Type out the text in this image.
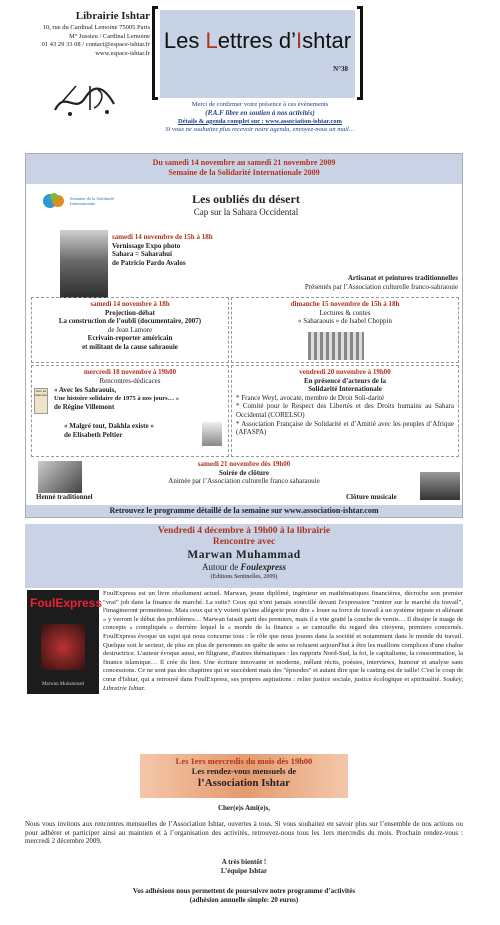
Librairie Ishtar
10, rue du Cardinal Lemoine 75005 Paris
M° Jussieu / Cardinal Lemoine
01 43 29 33 08 / contact@espace-ishtar.fr
www.espace-ishtar.fr Les Lettres d’Ishtar
N°38
Merci de confirmer votre présence à ces évènements
(P.A.F libre en soutien à nos activités)
Détails & agenda complet sur : www.association-ishtar.com
Si vous ne souhaitez plus recevoir notre agenda, envoyez-nous un mail…
Du samedi 14 novembre au samedi 21 novembre 2009
Semaine de la Solidarité Internationale 2009
Semaine de la Solidarité Internationale	Les oubliés du désert
Cap sur la Sahara Occidental
samedi 14 novembre de 15h à 18h
Vernissage Expo photo
Sahara = Saharahui
de Patricio Pardo Avalos
Artisanat et peintures traditionnelles
Présentés par l’Association culturelle franco-sahraouie
samedi 14 novembre à 18h
Projection-débat
La construction de l’oubli (documentaire, 2007)
de Jean Lamore
Ecrivain-reporter américain
et militant de la cause sahraouie
dimanche 15 novembre de 15h à 18h
Lectures & contes
« Saharaouis » de Isabel Choppin
mercredi 18 novembre à 19h00
Rencontres-dédicaces
« Avec les Sahraouis,
Une histoire solidaire de 1975 à nos jours… »
de Régine Villemont
« Malgré tout, Dakhla existe »
de Elisabeth Peltier
Avec les Sahraouis
vendredi 20 novembre à 19h00
En présence d’acteurs de la
Solidarité Internationale
* France Weyl, avocate, membre de Droit Soli-darité
* Comité pour le Respect des Libertés et des Droits humains au Sahara Occidental (CORELSO)
* Association Française de Solidarité et d’Amitié avec les peuples d’Afrique (AFASPA)
samedi 21 novembre dès 19h00
Soirée de clôture
Animée par l’Association culturelle franco saharaouie
Henné traditionnel	Clôture musicale
Retrouvez le programme détaillé de la semaine sur www.association-ishtar.com
Vendredi 4 décembre à 19h00 à la librairie
Rencontre avec
Marwan Muhammad
Autour de Foulexpress
(Editions Sentinelles, 2009)
FoulExpress
Marwan Muhammad
FoulExpress est un livre résolument actuel. Marwan, jeune diplômé, ingénieur en mathématiques financières, décroche son premier "vrai" job dans la finance de marché. La suite? Ceux qui n'ont jamais sourcillé devant l'expression "rentrer sur le marché du travail", l'imagineront prometteuse. Mais ceux qui n'y voient qu'une allégorie pour dire « louer sa force de travail à un système injuste et aliénant » y verront le début des problèmes… Marwan faisait parti des premiers, mais il a vite gratté la couche de vernis… Il dissipe le nuage de concepts « compliqués » derrière lequel le « monde de la finance » se camoufle du regard des citoyens, premiers concernés. FoulExpress évoque un sujet qui nous concerne tous : le rôle que nous jouons dans la société et notamment dans le monde du travail. Quelque soit le secteur, de plus en plus de personnes en quête de sens se refusent aujourd'hui à être les maillons complices d'une chaîne destructrice. L'auteur évoque aussi, en filigrane, d'autres thématiques : les rapports Nord-Sud, la foi, le capitalisme, la consommation, la finance islamique… Il crée du lien. Une écriture innovante et moderne, mêlant récits, poésies, interviews, humour et analyse sans concessions. Ce ne sont pas des chapitres qui se succèdent mais des "épisodes" et autant dire que le casting est de taille! C'est le coup de cœur d'Ishtar, qui a retrouvé dans FoulExpress, ses propres aspirations : relier justice sociale, justice écologique et spiritualité. Soukey, Librairie Ishtar.
Les 1ers mercredis du mois dès 19h00
Les rendez-vous mensuels de
l’Association Ishtar
Cher(e)s Ami(e)s,
Nous vous invitons aux rencontres mensuelles de l’Association Ishtar, ouvertes à tous. Si vous souhaitez en savoir plus sur l’ensemble de nos actions ou pour adhérer et participer ainsi au maintien et à l’organisation des activités, retrouvez-nous tous les 1ers mercredis du mois. Prochain rendez-vous : mercredi 2 décembre 2009.
A très bientôt !
L’équipe Ishtar
Vos adhésions nous permettent de poursuivre notre programme d’activités
(adhésion annuelle simple: 20 euros)
